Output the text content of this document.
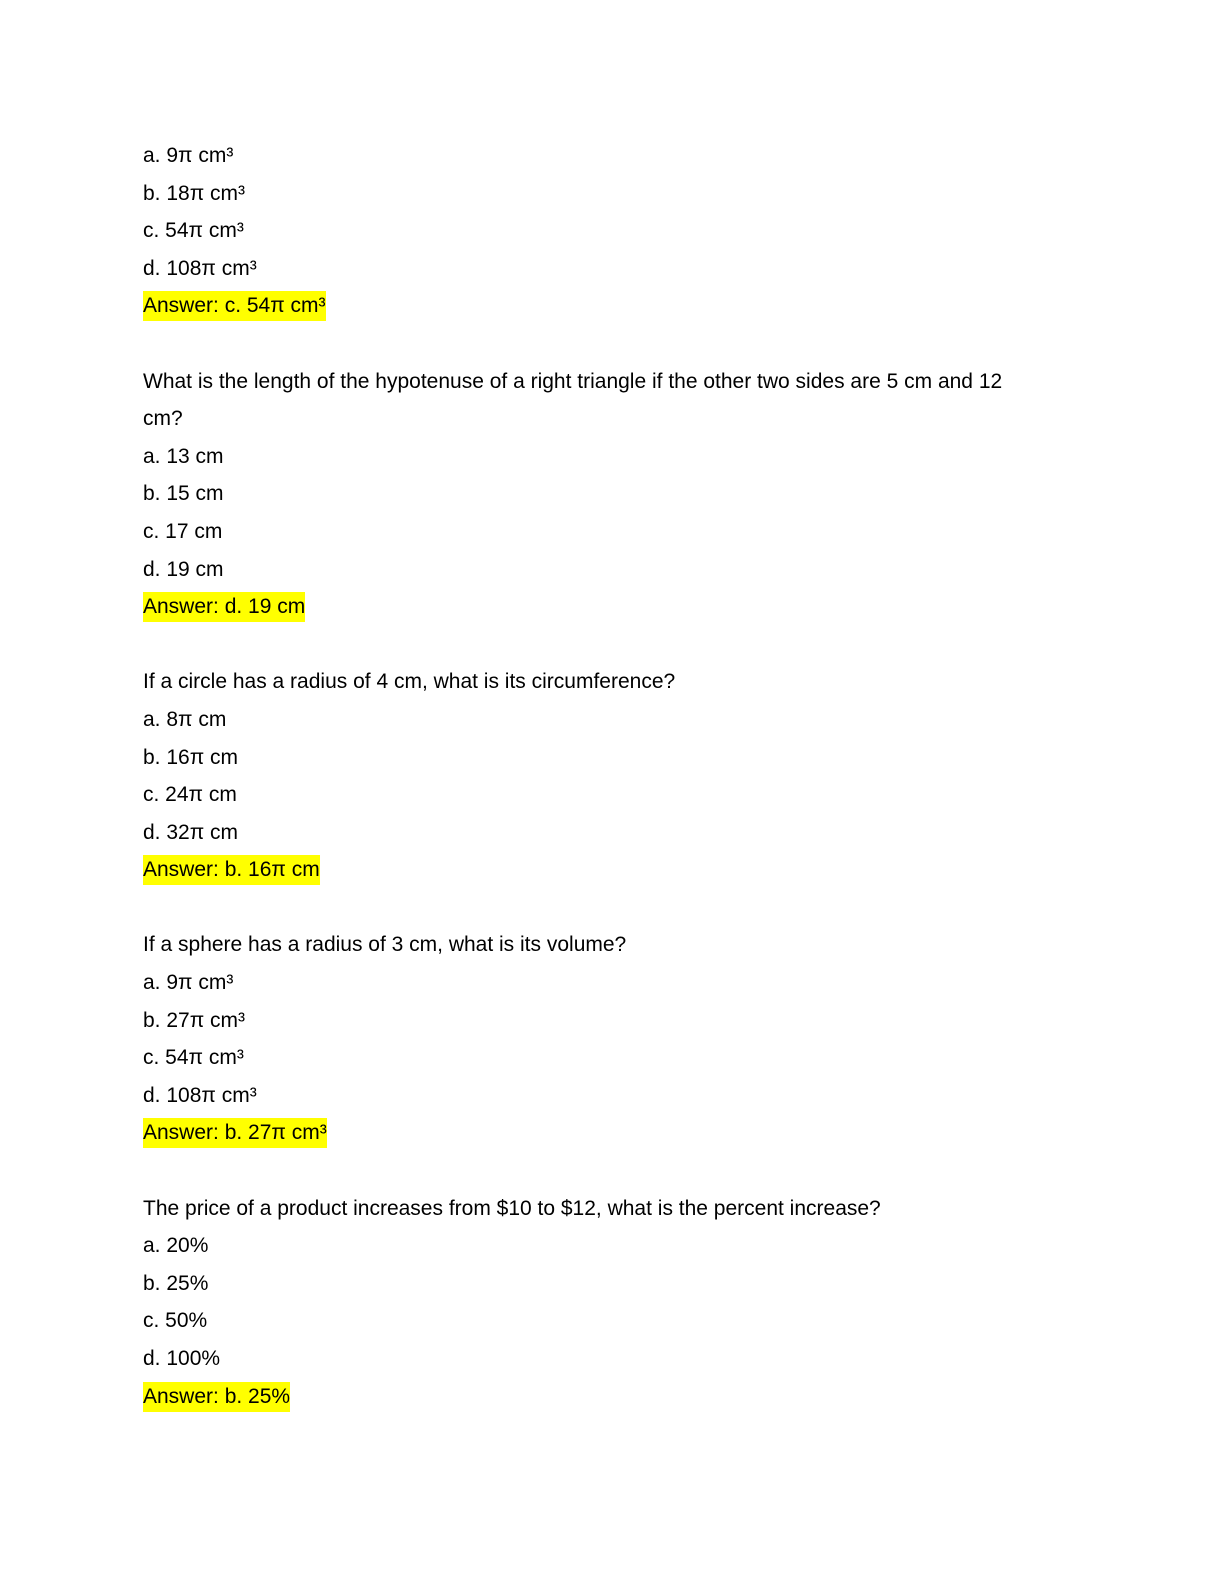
a. 9π cm³
b. 18π cm³
c. 54π cm³
d. 108π cm³
Answer: c. 54π cm³
What is the length of the hypotenuse of a right triangle if the other two sides are 5 cm and 12 cm?
a. 13 cm
b. 15 cm
c. 17 cm
d. 19 cm
Answer: d. 19 cm
If a circle has a radius of 4 cm, what is its circumference?
a. 8π cm
b. 16π cm
c. 24π cm
d. 32π cm
Answer: b. 16π cm
If a sphere has a radius of 3 cm, what is its volume?
a. 9π cm³
b. 27π cm³
c. 54π cm³
d. 108π cm³
Answer: b. 27π cm³
The price of a product increases from $10 to $12, what is the percent increase?
a. 20%
b. 25%
c. 50%
d. 100%
Answer: b. 25%
